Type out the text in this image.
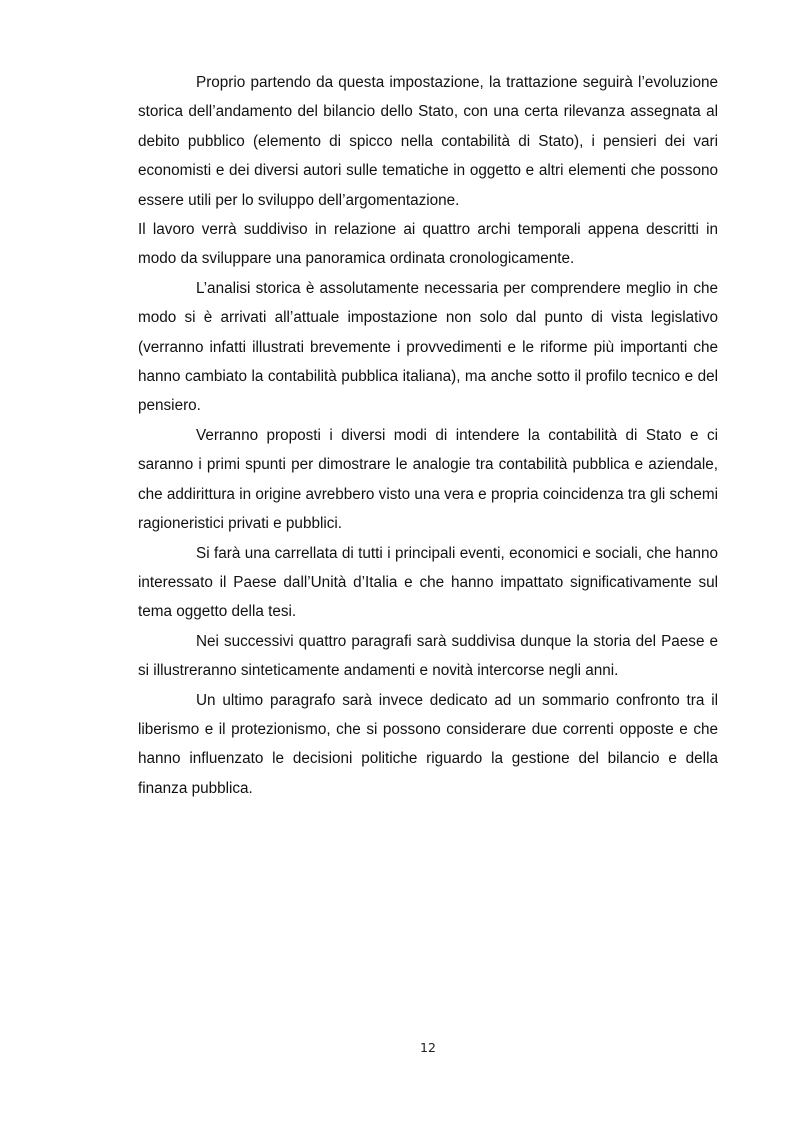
Proprio partendo da questa impostazione, la trattazione seguirà l’evoluzione storica dell’andamento del bilancio dello Stato, con una certa rilevanza assegnata al debito pubblico (elemento di spicco nella contabilità di Stato), i pensieri dei vari economisti e dei diversi autori sulle tematiche in oggetto e altri elementi che possono essere utili per lo sviluppo dell’argomentazione.

Il lavoro verrà suddiviso in relazione ai quattro archi temporali appena descritti in modo da sviluppare una panoramica ordinata cronologicamente.

L’analisi storica è assolutamente necessaria per comprendere meglio in che modo si è arrivati all’attuale impostazione non solo dal punto di vista legislativo (verranno infatti illustrati brevemente i provvedimenti e le riforme più importanti che hanno cambiato la contabilità pubblica italiana), ma anche sotto il profilo tecnico e del pensiero.

Verranno proposti i diversi modi di intendere la contabilità di Stato e ci saranno i primi spunti per dimostrare le analogie tra contabilità pubblica e aziendale, che addirittura in origine avrebbero visto una vera e propria coincidenza tra gli schemi ragioneristici privati e pubblici.

Si farà una carrellata di tutti i principali eventi, economici e sociali, che hanno interessato il Paese dall’Unità d’Italia e che hanno impattato significativamente sul tema oggetto della tesi.

Nei successivi quattro paragrafi sarà suddivisa dunque la storia del Paese e si illustreranno sinteticamente andamenti e novità intercorse negli anni.

Un ultimo paragrafo sarà invece dedicato ad un sommario confronto tra il liberismo e il protezionismo, che si possono considerare due correnti opposte e che hanno influenzato le decisioni politiche riguardo la gestione del bilancio e della finanza pubblica.

12
